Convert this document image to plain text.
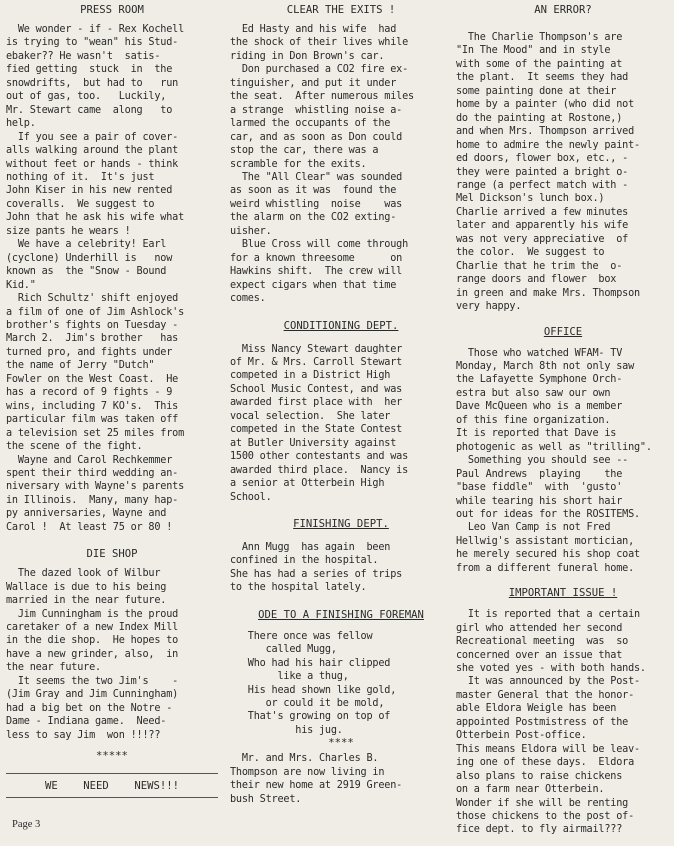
PRESS ROOM

We wonder - if - Rex Kochell
is trying to "wean" his Stud-
ebaker?? He wasn't  satis-
fied getting  stuck  in  the
snowdrifts,  but had to   run
out of gas, too.   Luckily,
Mr. Stewart came  along   to
help.

If you see a pair of cover-
alls walking around the plant
without feet or hands - think
nothing of it.  It's just
John Kiser in his new rented
coveralls.  We suggest to
John that he ask his wife what
size pants he wears !

We have a celebrity! Earl
(cyclone) Underhill is   now
known as  the "Snow - Bound
Kid."

Rich Schultz' shift enjoyed
a film of one of Jim Ashlock's
brother's fights on Tuesday -
March 2.  Jim's brother   has
turned pro, and fights under
the name of Jerry "Dutch"
Fowler on the West Coast.  He
has a record of 9 fights - 9
wins, including 7 KO's.  This
particular film was taken off
a television set 25 miles from
the scene of the fight.

Wayne and Carol Rechkemmer
spent their third wedding an-
niversary with Wayne's parents
in Illinois.  Many, many hap-
py anniversaries, Wayne and
Carol !  At least 75 or 80 !

DIE SHOP

The dazed look of Wilbur
Wallace is due to his being
married in the near future.

Jim Cunningham is the proud
caretaker of a new Index Mill
in the die shop.  He hopes to
have a new grinder, also,  in
the near future.

It seems the two Jim's    -
(Jim Gray and Jim Cunningham)
had a big bet on the Notre -
Dame - Indiana game.  Need-
less to say Jim  won !!!??

*****

WE    NEED    NEWS!!!

CLEAR THE EXITS !

Ed Hasty and his wife  had
the shock of their lives while
riding in Don Brown's car.

Don purchased a CO2 fire ex-
tinguisher, and put it under
the seat.  After numerous miles
a strange  whistling noise a-
larmed the occupants of the
car, and as soon as Don could
stop the car, there was a
scramble for the exits.

The "All Clear" was sounded
as soon as it was  found the
weird whistling  noise    was
the alarm on the CO2 exting-
uisher.

Blue Cross will come through
for a known threesome      on
Hawkins shift.  The crew will
expect cigars when that time
comes.

CONDITIONING DEPT.

Miss Nancy Stewart daughter
of Mr. & Mrs. Carroll Stewart
competed in a District High
School Music Contest, and was
awarded first place with  her
vocal selection.  She later
competed in the State Contest
at Butler University against
1500 other contestants and was
awarded third place.  Nancy is
a senior at Otterbein High
School.

FINISHING DEPT.

Ann Mugg  has again  been
confined in the hospital.
She has had a series of trips
to the hospital lately.

ODE TO A FINISHING FOREMAN

There once was fellow
called Mugg,
Who had his hair clipped
like a thug,
His head shown like gold,
or could it be mold,
That's growing on top of
his jug.

****

Mr. and Mrs. Charles B.
Thompson are now living in
their new home at 2919 Green-
bush Street.

AN ERROR?

The Charlie Thompson's are
"In The Mood" and in style
with some of the painting at
the plant.  It seems they had
some painting done at their
home by a painter (who did not
do the painting at Rostone,)
and when Mrs. Thompson arrived
home to admire the newly paint-
ed doors, flower box, etc., -
they were painted a bright o-
range (a perfect match with -
Mel Dickson's lunch box.)
Charlie arrived a few minutes
later and apparently his wife
was not very appreciative  of
the color.  We suggest to
Charlie that he trim the  o-
range doors and flower  box
in green and make Mrs. Thompson
very happy.

OFFICE

Those who watched WFAM- TV
Monday, March 8th not only saw
the Lafayette Symphone Orch-
estra but also saw our own
Dave McQueen who is a member
of this fine organization.
It is reported that Dave is
photogenic as well as "trilling".

Something you should see --
Paul Andrews  playing    the
"base fiddle"  with  'gusto'
while tearing his short hair
out for ideas for the ROSITEMS.

Leo Van Camp is not Fred
Hellwig's assistant mortician,
he merely secured his shop coat
from a different funeral home.

IMPORTANT ISSUE !

It is reported that a certain
girl who attended her second
Recreational meeting  was  so
concerned over an issue that
she voted yes - with both hands.

It was announced by the Post-
master General that the honor-
able Eldora Weigle has been
appointed Postmistress of the
Otterbein Post-office.
This means Eldora will be leav-
ing one of these days.  Eldora
also plans to raise chickens
on a farm near Otterbein.
Wonder if she will be renting
those chickens to the post of-
fice dept. to fly airmail???

Page 3
